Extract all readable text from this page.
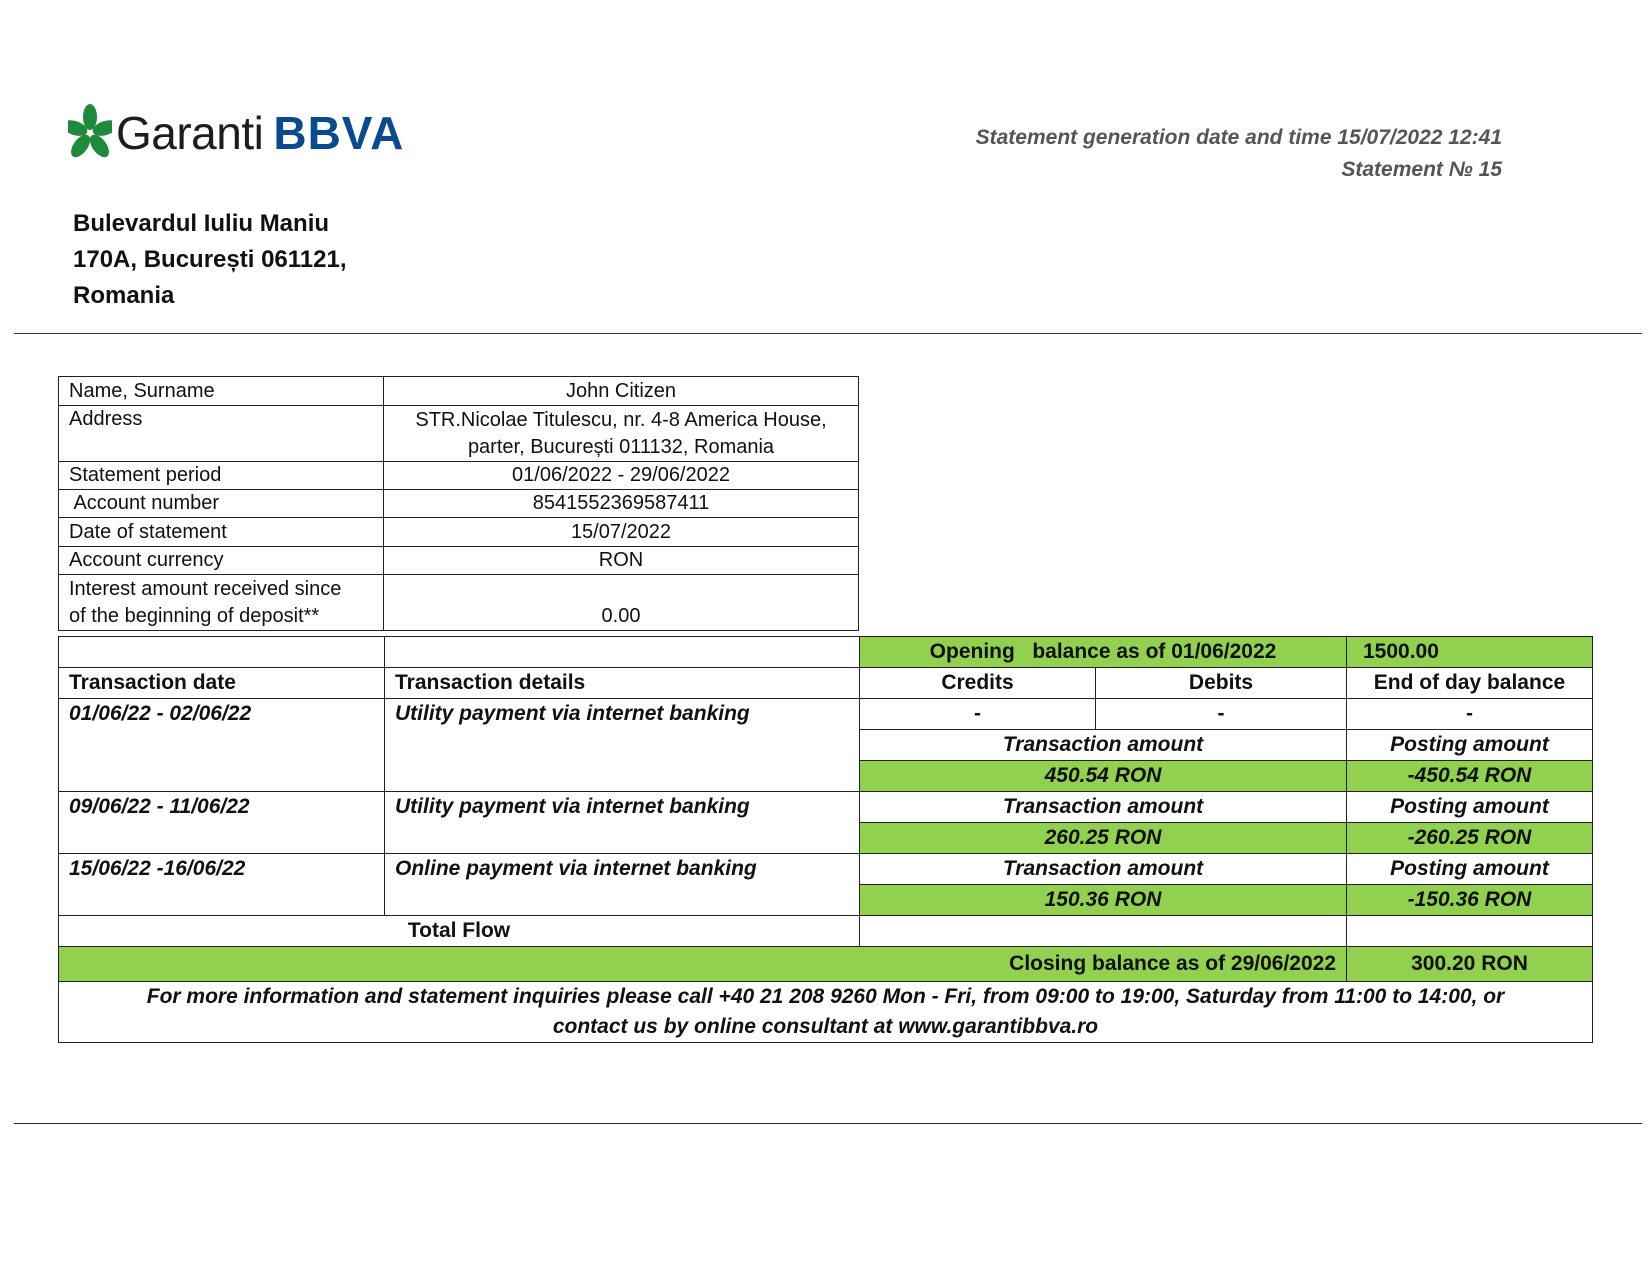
Garanti BBVA	Statement generation date and time 15/07/2022 12:41
Statement № 15
Bulevardul Iuliu Maniu
170A, București 061121,
Romania
Name, Surname	John Citizen
Address	STR.Nicolae Titulescu, nr. 4-8 America House,
parter, București 011132, Romania

Statement period	01/06/2022 - 29/06/2022
Account number	8541552369587411
Date of statement	15/07/2022
Account currency	RON

Interest amount received since
of the beginning of deposit**	0.00
		Opening   balance as of 01/06/2022		1500.00
Transaction date	Transaction details	Credits	Debits	End of day balance
01/06/22 - 02/06/22	Utility payment via internet banking	-	-	-
		Transaction amount		Posting amount
		450.54 RON		-450.54 RON
09/06/22 - 11/06/22	Utility payment via internet banking	Transaction amount		Posting amount
		260.25 RON		-260.25 RON
15/06/22 -16/06/22	Online payment via internet banking	Transaction amount		Posting amount
		150.36 RON		-150.36 RON
Total Flow				
Closing balance as of 29/06/2022				300.20 RON

For more information and statement inquiries please call +40 21 208 9260 Mon - Fri, from 09:00 to 19:00, Saturday from 11:00 to 14:00, or
contact us by online consultant at www.garantibbva.ro				
